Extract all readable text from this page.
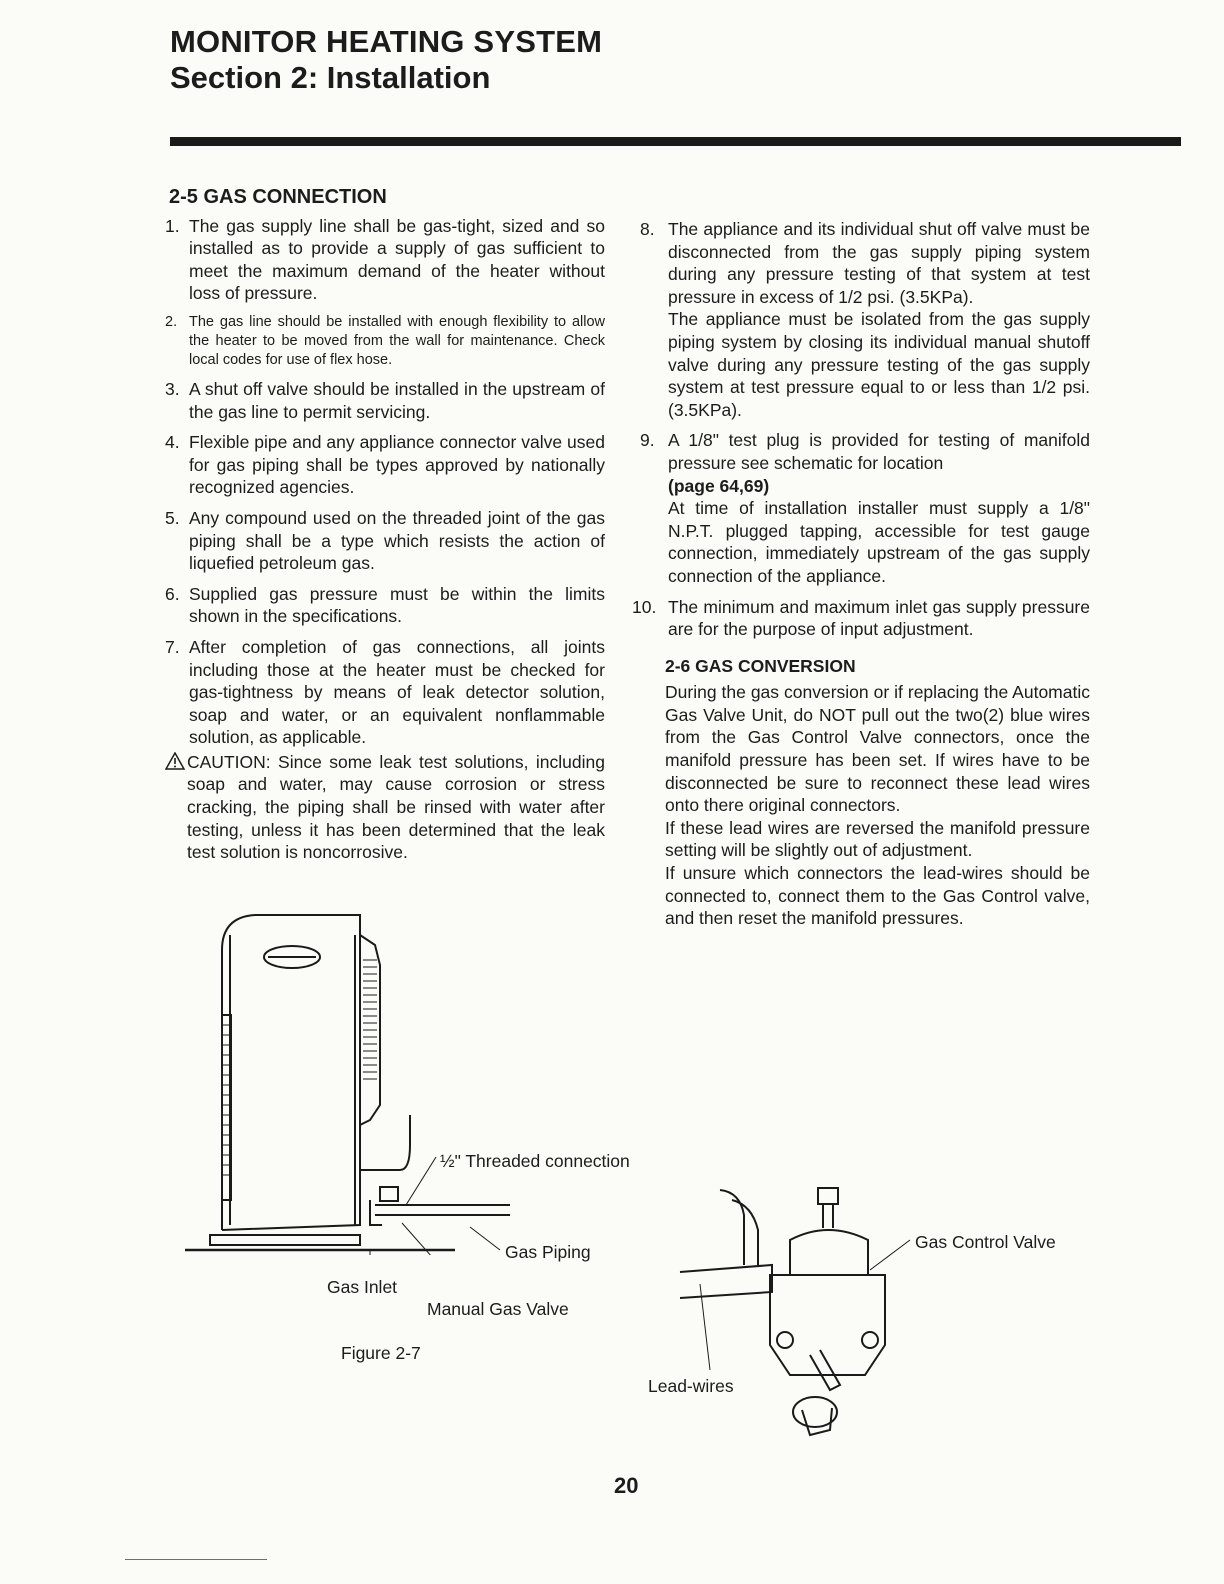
MONITOR HEATING SYSTEM
Section 2: Installation
2-5 GAS CONNECTION
1. The gas supply line shall be gas-tight, sized and so installed as to provide a supply of gas sufficient to meet the maximum demand of the heater without loss of pressure.
2. The gas line should be installed with enough flexibility to allow the heater to be moved from the wall for maintenance. Check local codes for use of flex hose.
3. A shut off valve should be installed in the upstream of the gas line to permit servicing.
4. Flexible pipe and any appliance connector valve used for gas piping shall be types approved by nationally recognized agencies.
5. Any compound used on the threaded joint of the gas piping shall be a type which resists the action of liquefied petroleum gas.
6. Supplied gas pressure must be within the limits shown in the specifications.
7. After completion of gas connections, all joints including those at the heater must be checked for gas-tightness by means of leak detector solution, soap and water, or an equivalent nonflammable solution, as applicable.
CAUTION: Since some leak test solutions, including soap and water, may cause corrosion or stress cracking, the piping shall be rinsed with water after testing, unless it has been determined that the leak test solution is noncorrosive.
8. The appliance and its individual shut off valve must be disconnected from the gas supply piping system during any pressure testing of that system at test pressure in excess of 1/2 psi. (3.5KPa).
The appliance must be isolated from the gas supply piping system by closing its individual manual shutoff valve during any pressure testing of the gas supply system at test pressure equal to or less than 1/2 psi.(3.5KPa).
9. A 1/8" test plug is provided for testing of manifold pressure see schematic for location
(page 64,69)
At time of installation installer must supply a 1/8" N.P.T. plugged tapping, accessible for test gauge connection, immediately upstream of the gas supply connection of the appliance.
10. The minimum and maximum inlet gas supply pressure are for the purpose of input adjustment.
2-6 GAS CONVERSION
During the gas conversion or if replacing the Automatic Gas Valve Unit, do NOT pull out the two(2) blue wires from the Gas Control Valve connectors, once the manifold pressure has been set. If wires have to be disconnected be sure to reconnect these lead wires onto there original connectors.
If these lead wires are reversed the manifold pressure setting will be slightly out of adjustment.
If unsure which connectors the lead-wires should be connected to, connect them to the Gas Control valve, and then reset the manifold pressures.
½" Threaded connection
Gas Piping
Gas Inlet
Manual Gas Valve
Figure 2-7
Gas Control Valve
Lead-wires
20
